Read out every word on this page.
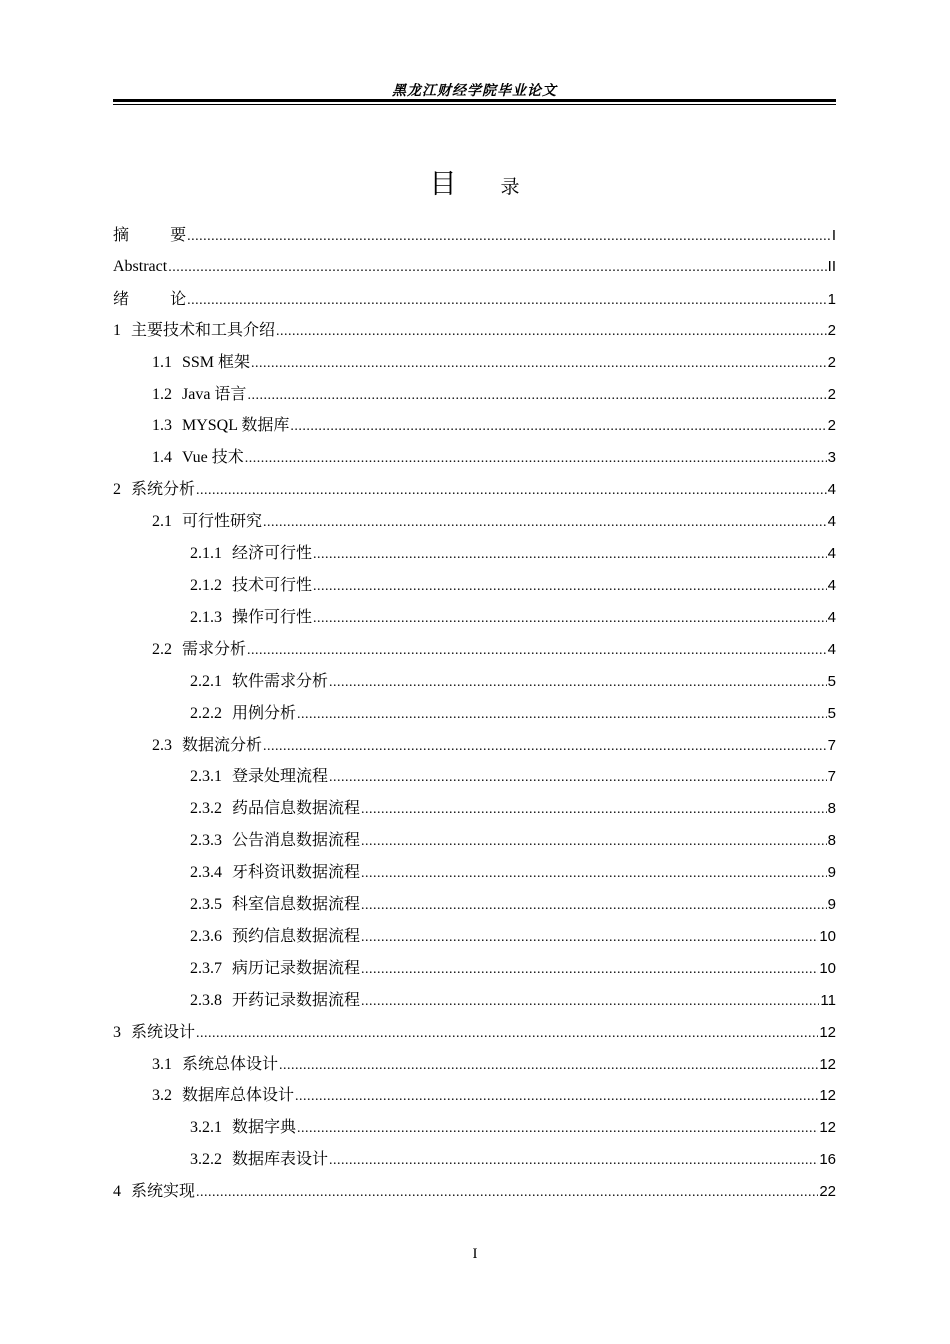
黑龙江财经学院毕业论文
目 录
摘 要 .....	I
Abstract .....	II
绪 论 .....	1
1 主要技术和工具介绍 .....	2
1.1 SSM 框架 .....	2
1.2 Java 语言 .....	2
1.3 MYSQL 数据库 .....	2
1.4 Vue 技术 .....	3
2 系统分析 .....	4
2.1 可行性研究 .....	4
2.1.1 经济可行性 .....	4
2.1.2 技术可行性 .....	4
2.1.3 操作可行性 .....	4
2.2 需求分析 .....	4
2.2.1 软件需求分析 .....	5
2.2.2 用例分析 .....	5
2.3 数据流分析 .....	7
2.3.1 登录处理流程 .....	7
2.3.2 药品信息数据流程 .....	8
2.3.3 公告消息数据流程 .....	8
2.3.4 牙科资讯数据流程 .....	9
2.3.5 科室信息数据流程 .....	9
2.3.6 预约信息数据流程 .....	10
2.3.7 病历记录数据流程 .....	10
2.3.8 开药记录数据流程 .....	11
3 系统设计 .....	12
3.1 系统总体设计 .....	12
3.2 数据库总体设计 .....	12
3.2.1 数据字典 .....	12
3.2.2 数据库表设计 .....	16
4 系统实现 .....	22
I
